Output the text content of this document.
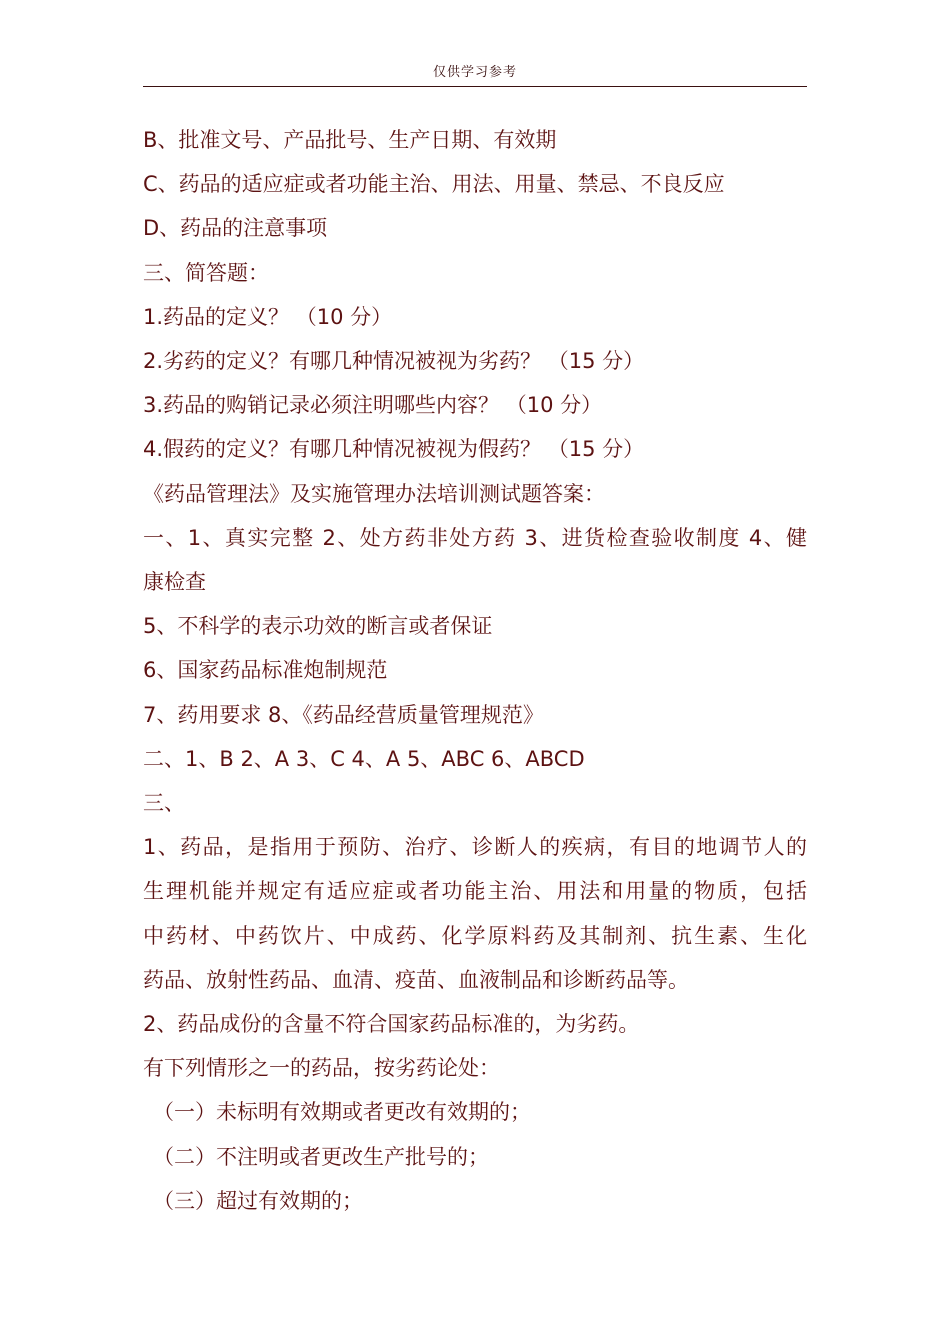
仅供学习参考
B、批准文号、产品批号、生产日期、有效期
C、药品的适应症或者功能主治、用法、用量、禁忌、不良反应
D、药品的注意事项
三、简答题：
1.药品的定义？ （10 分）
2.劣药的定义？有哪几种情况被视为劣药？ （15 分）
3.药品的购销记录必须注明哪些内容？ （10 分）
4.假药的定义？有哪几种情况被视为假药？ （15 分）
《药品管理法》及实施管理办法培训测试题答案：
一、1、真实完整 2、处方药非处方药 3、进货检查验收制度 4、健
康检查
5、不科学的表示功效的断言或者保证
6、国家药品标准炮制规范
7、药用要求 8、《药品经营质量管理规范》
二、1、B 2、A 3、C 4、A 5、ABC 6、ABCD
三、
1、药品，是指用于预防、治疗、诊断人的疾病，有目的地调节人的
生理机能并规定有适应症或者功能主治、用法和用量的物质，包括
中药材、中药饮片、中成药、化学原料药及其制剂、抗生素、生化
药品、放射性药品、血清、疫苗、血液制品和诊断药品等。
2、药品成份的含量不符合国家药品标准的，为劣药。
有下列情形之一的药品，按劣药论处：
（一）未标明有效期或者更改有效期的；
（二）不注明或者更改生产批号的；
（三）超过有效期的；
